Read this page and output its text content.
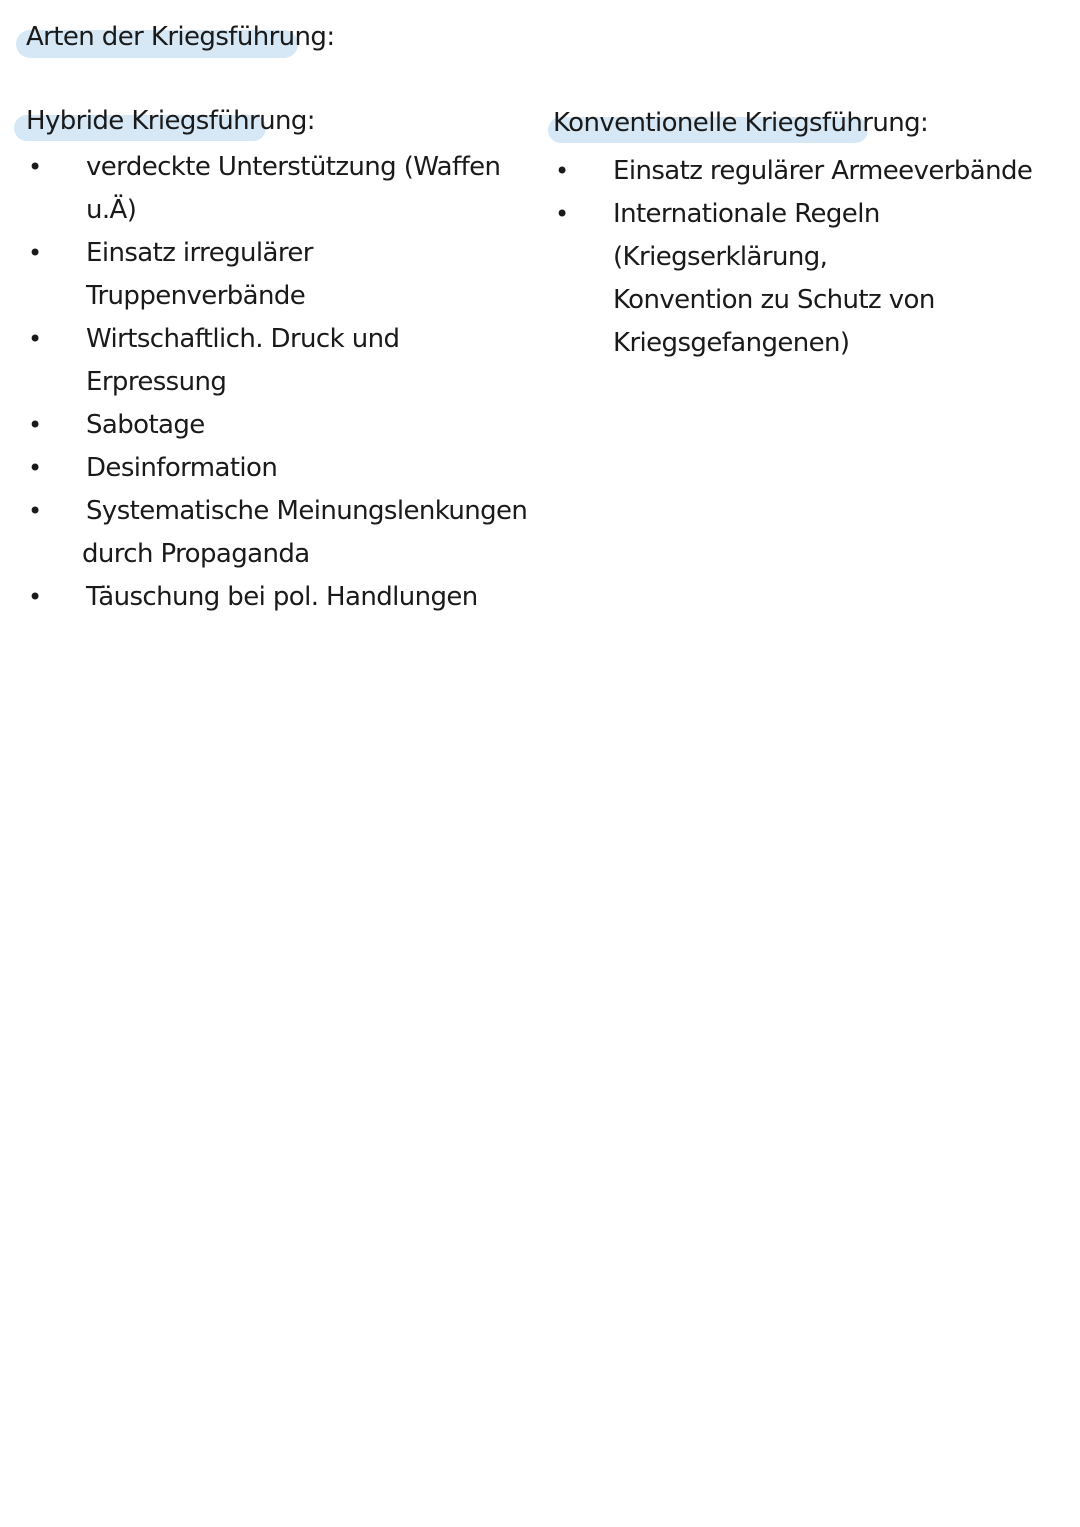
Arten der Kriegsführung:
Hybride Kriegsführung:
•	verdeckte Unterstützung (Waffen u.Ä)
•	Einsatz irregulärer Truppenverbände
•	Wirtschaftlich. Druck und Erpressung
•	Sabotage
•	Desinformation
•	Systematische Meinungslenkungen
durch Propaganda
•	Täuschung bei pol. Handlungen
Konventionelle Kriegsführung:
•	Einsatz regulärer Armeeverbände
•	Internationale Regeln (Kriegserklärung,
Konvention zu Schutz von
Kriegsgefangenen)
